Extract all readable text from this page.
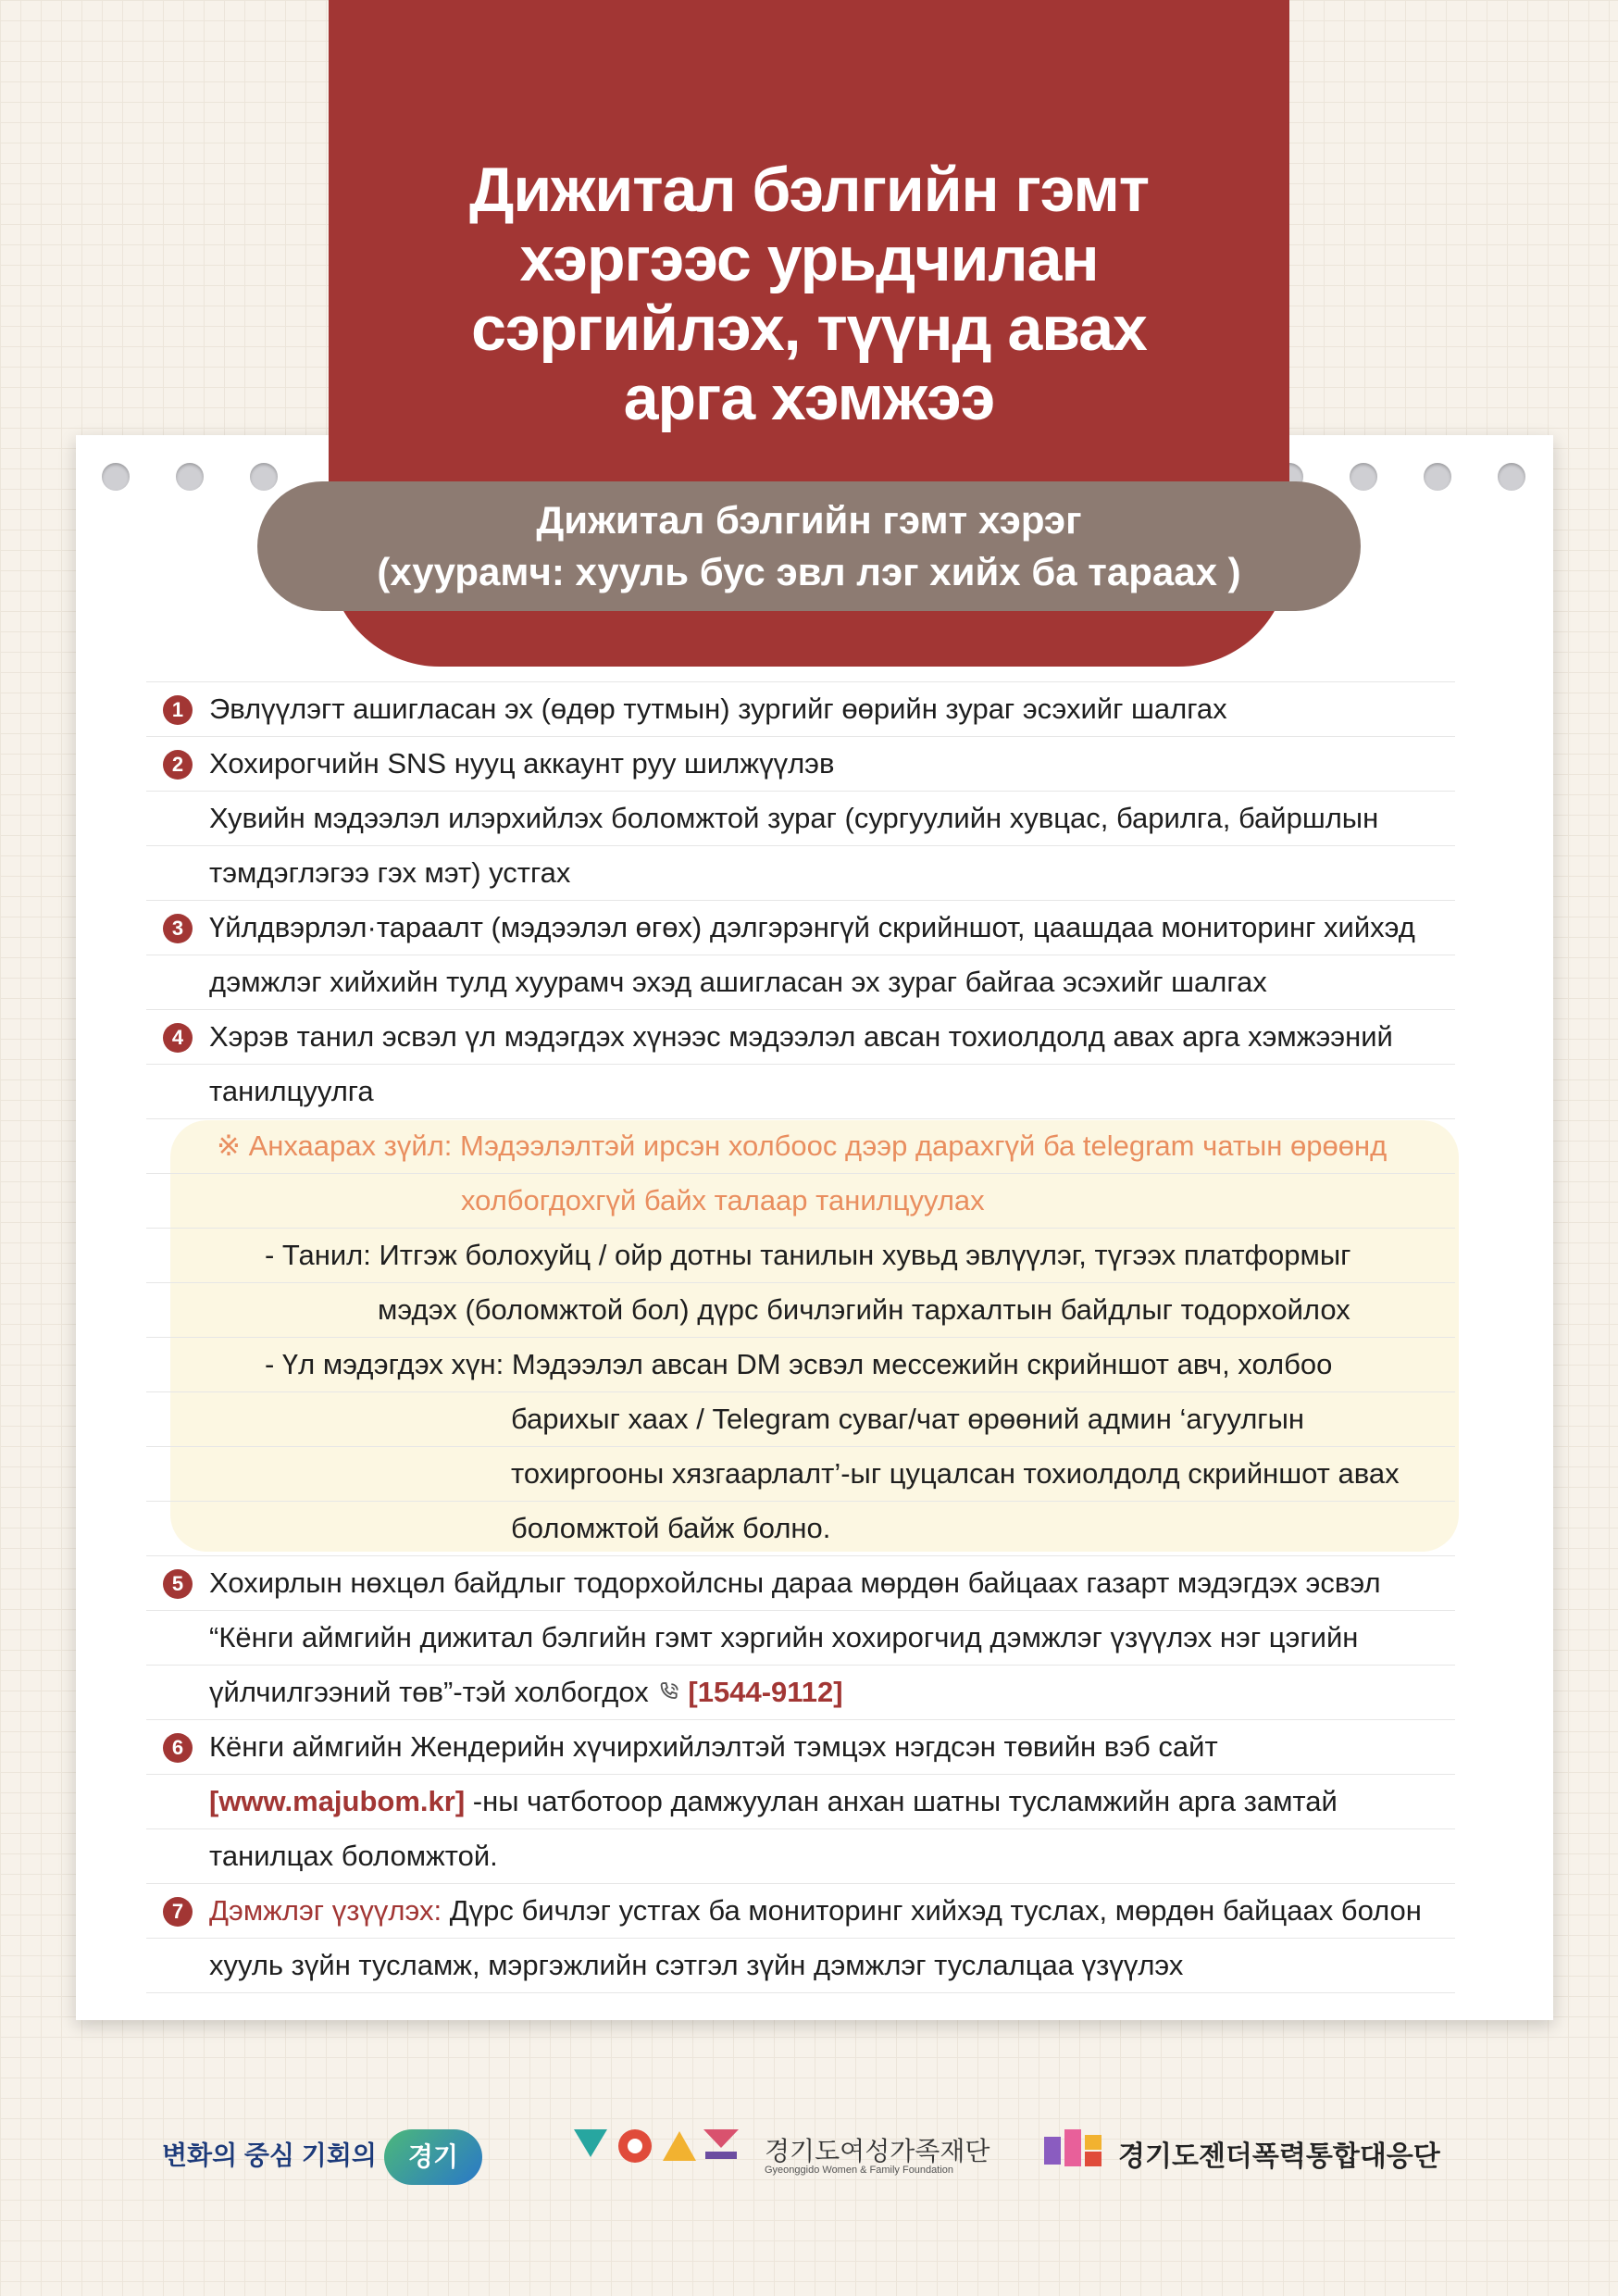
Дижитал бэлгийн гэмт
хэргээс урьдчилан
сэргийлэх, түүнд авах
арга хэмжээ
Дижитал бэлгийн гэмт хэрэг
(хуурамч: хууль бус эвл лэг хийх ба тараах )
1 Эвлүүлэгт ашигласан эх (өдөр тутмын) зургийг өөрийн зураг эсэхийг шалгах
2 Хохирогчийн SNS нууц аккаунт руу шилжүүлэв
Хувийн мэдээлэл илэрхийлэх боломжтой зураг (сургуулийн хувцас, барилга, байршлын
тэмдэглэгээ гэх мэт) устгах
3 Үйлдвэрлэл·тараалт (мэдээлэл өгөх) дэлгэрэнгүй скрийншот, цаашдаа мониторинг хийхэд
дэмжлэг хийхийн тулд хуурамч эхэд ашигласан эх зураг байгаа эсэхийг шалгах
4 Хэрэв танил эсвэл үл мэдэгдэх хүнээс мэдээлэл авсан тохиолдолд авах арга хэмжээний
танилцуулга
※ Анхаарах зүйл: Мэдээлэлтэй ирсэн холбоос дээр дарахгүй ба telegram чатын өрөөнд
холбогдохгүй байх талаар танилцуулах
- Танил: Итгэж болохуйц / ойр дотны танилын хувьд эвлүүлэг, түгээх платформыг
мэдэх (боломжтой бол) дүрс бичлэгийн тархалтын байдлыг тодорхойлох
- Үл мэдэгдэх хүн: Мэдээлэл авсан DM эсвэл мессежийн скрийншот авч, холбоо
барихыг хаах / Telegram суваг/чат өрөөний админ ‘агуулгын
тохиргооны хязгаарлалт’-ыг цуцалсан тохиолдолд скрийншот авах
боломжтой байж болно.
5 Хохирлын нөхцөл байдлыг тодорхойлсны дараа мөрдөн байцаах газарт мэдэгдэх эсвэл
“Кёнги аймгийн дижитал бэлгийн гэмт хэргийн хохирогчид дэмжлэг үзүүлэх нэг цэгийн
үйлчилгээний төв”-тэй холбогдох [1544-9112]
6 Кёнги аймгийн Жендерийн хүчирхийлэлтэй тэмцэх нэгдсэн төвийн вэб сайт
[www.majubom.kr] -ны чатботоор дамжуулан анхан шатны тусламжийн арга замтай
танилцах боломжтой.
7 Дэмжлэг үзүүлэх: Дүрс бичлэг устгах ба мониторинг хийхэд туслах, мөрдөн байцаах болон
хууль зүйн тусламж, мэргэжлийн сэтгэл зүйн дэмжлэг туслалцаа үзүүлэх
변화의 중심 기회의 경기	경기도여성가족재단
Gyeonggido Women & Family Foundation	경기도젠더폭력통합대응단
